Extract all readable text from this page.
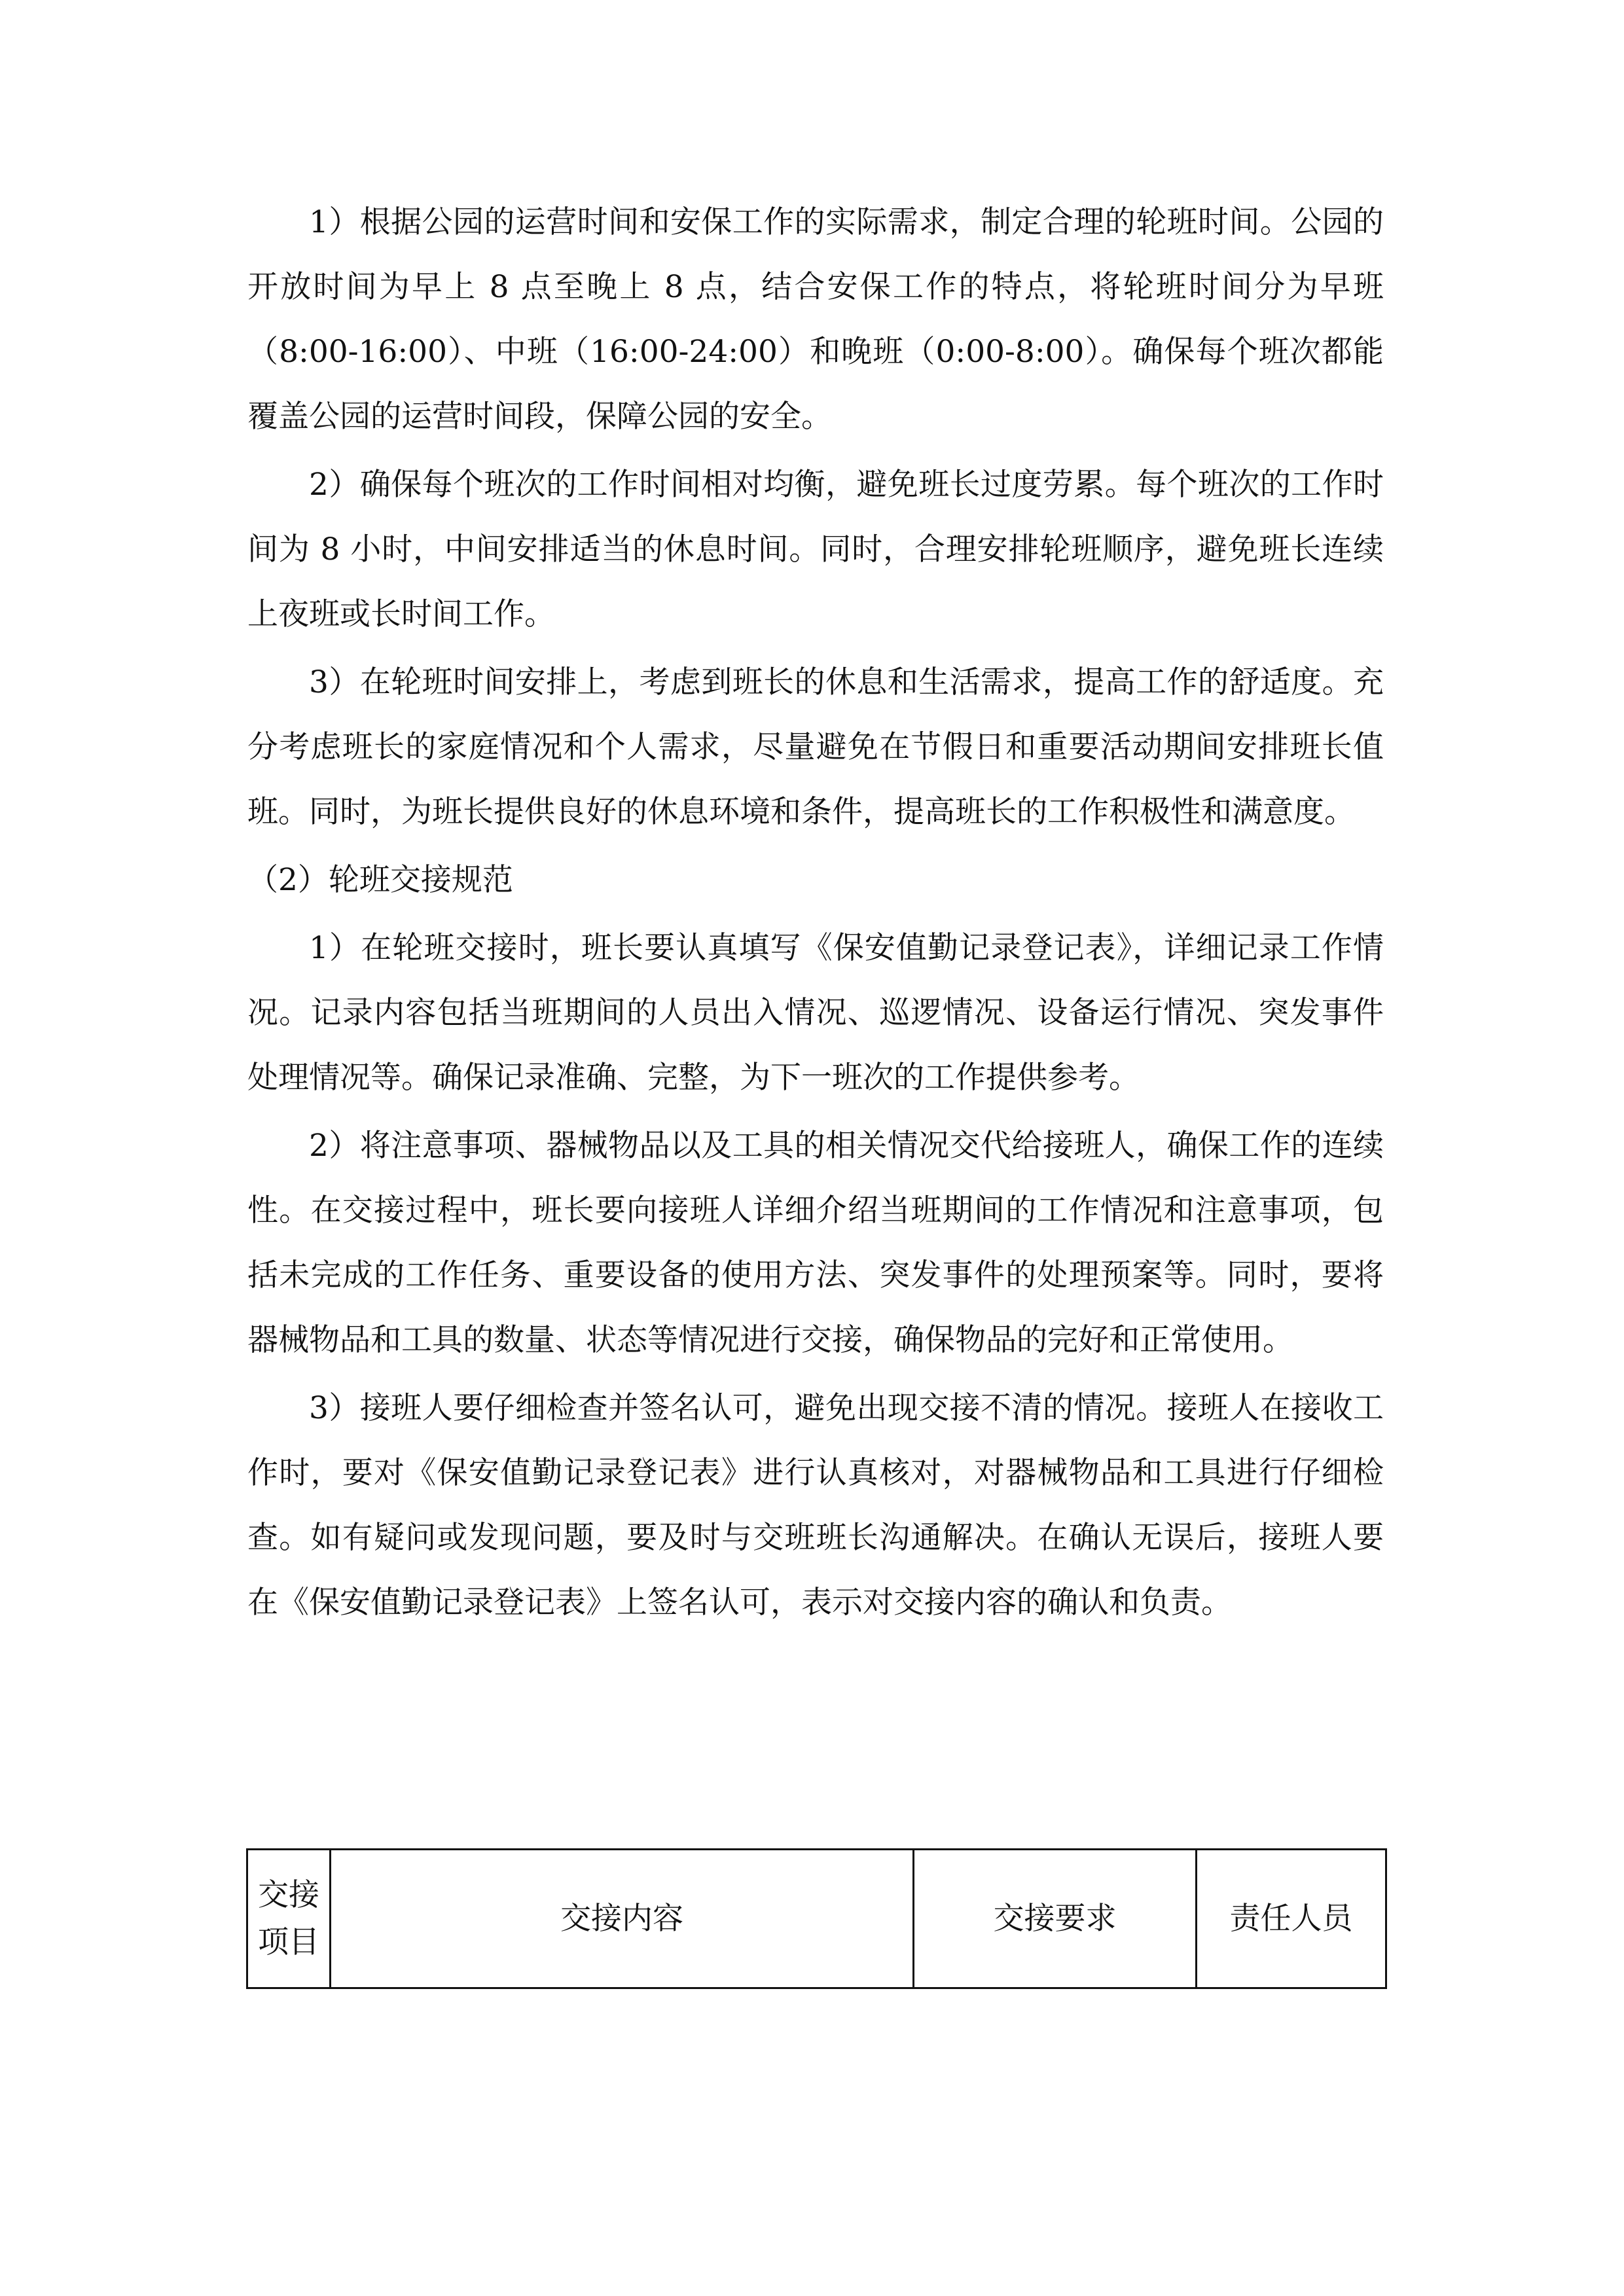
1）根据公园的运营时间和安保工作的实际需求，制定合理的轮班时间。公园的开放时间为早上 8 点至晚上 8 点，结合安保工作的特点，将轮班时间分为早班（8:00-16:00）、中班（16:00-24:00）和晚班（0:00-8:00）。确保每个班次都能覆盖公园的运营时间段，保障公园的安全。

2）确保每个班次的工作时间相对均衡，避免班长过度劳累。每个班次的工作时间为 8 小时，中间安排适当的休息时间。同时，合理安排轮班顺序，避免班长连续上夜班或长时间工作。

3）在轮班时间安排上，考虑到班长的休息和生活需求，提高工作的舒适度。充分考虑班长的家庭情况和个人需求，尽量避免在节假日和重要活动期间安排班长值班。同时，为班长提供良好的休息环境和条件，提高班长的工作积极性和满意度。

（2）轮班交接规范

1）在轮班交接时，班长要认真填写《保安值勤记录登记表》，详细记录工作情况。记录内容包括当班期间的人员出入情况、巡逻情况、设备运行情况、突发事件处理情况等。确保记录准确、完整，为下一班次的工作提供参考。

2）将注意事项、器械物品以及工具的相关情况交代给接班人，确保工作的连续性。在交接过程中，班长要向接班人详细介绍当班期间的工作情况和注意事项，包括未完成的工作任务、重要设备的使用方法、突发事件的处理预案等。同时，要将器械物品和工具的数量、状态等情况进行交接，确保物品的完好和正常使用。

3）接班人要仔细检查并签名认可，避免出现交接不清的情况。接班人在接收工作时，要对《保安值勤记录登记表》进行认真核对，对器械物品和工具进行仔细检查。如有疑问或发现问题，要及时与交班班长沟通解决。在确认无误后，接班人要在《保安值勤记录登记表》上签名认可，表示对交接内容的确认和负责。

交接项目	交接内容	交接要求	责任人员
